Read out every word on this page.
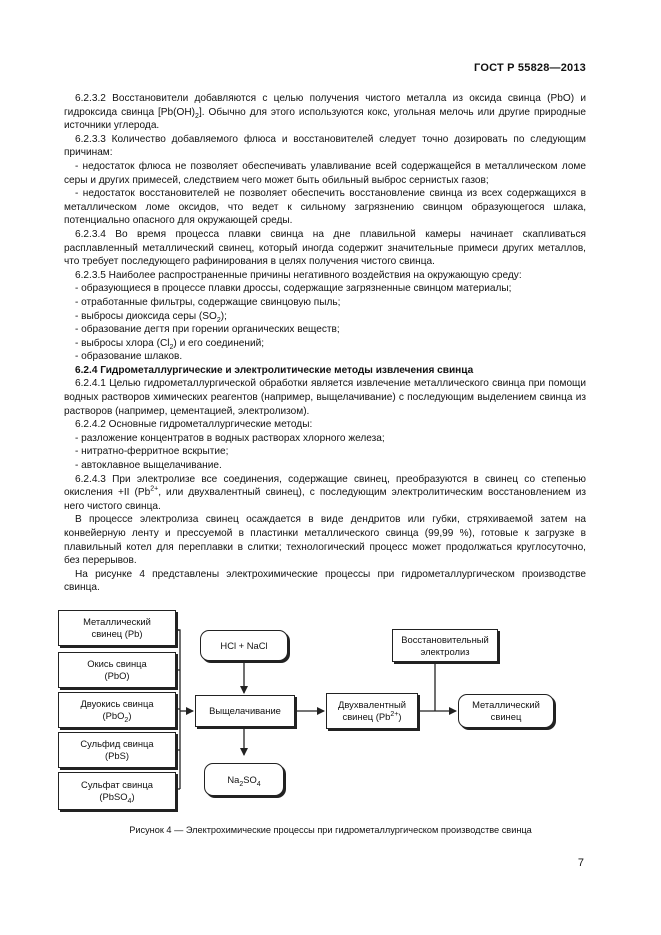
ГОСТ Р 55828—2013

6.2.3.2 Восстановители добавляются с целью получения чистого металла из оксида свинца (PbO) и гидроксида свинца $[Pb(OH)_2]$. Обычно для этого используются кокс, угольная мелочь или другие природные источники углерода.

6.2.3.3 Количество добавляемого флюса и восстановителей следует точно дозировать по следующим причинам:

- недостаток флюса не позволяет обеспечивать улавливание всей содержащейся в металлическом ломе серы и других примесей, следствием чего может быть обильный выброс сернистых газов;

- недостаток восстановителей не позволяет обеспечить восстановление свинца из всех содержащихся в металлическом ломе оксидов, что ведет к сильному загрязнению свинцом образующегося шлака, потенциально опасного для окружающей среды.

6.2.3.4 Во время процесса плавки свинца на дне плавильной камеры начинает скапливаться расплавленный металлический свинец, который иногда содержит значительные примеси других металлов, что требует последующего рафинирования в целях получения чистого свинца.

6.2.3.5 Наиболее распространенные причины негативного воздействия на окружающую среду:

- образующиеся в процессе плавки дроссы, содержащие загрязненные свинцом материалы;

- отработанные фильтры, содержащие свинцовую пыль;

- выбросы диоксида серы $(SO_2)$;

- образование дегтя при горении органических веществ;

- выбросы хлора $(Cl_2)$ и его соединений;

- образование шлаков.

6.2.4 Гидрометаллургические и электролитические методы извлечения свинца

6.2.4.1 Целью гидрометаллургической обработки является извлечение металлического свинца при помощи водных растворов химических реагентов (например, выщелачивание) с последующим выделением свинца из растворов (например, цементацией, электролизом).

6.2.4.2 Основные гидрометаллургические методы:

- разложение концентратов в водных растворах хлорного железа;

- нитратно-ферритное вскрытие;

- автоклавное выщелачивание.

6.2.4.3 При электролизе все соединения, содержащие свинец, преобразуются в свинец со степенью окисления +II ($Pb^{2+}$, или двухвалентный свинец), с последующим электролитическим восстановлением из него чистого свинца.

В процессе электролиза свинец осаждается в виде дендритов или губки, стряхиваемой затем на конвейерную ленту и прессуемой в пластинки металлического свинца (99,99 %), готовые к загрузке в плавильный котел для переплавки в слитки; технологический процесс может продолжаться круглосуточно, без перерывов.

На рисунке 4 представлены электрохимические процессы при гидрометаллургическом производстве свинца.

Металлический
свинец (Pb)
Окись свинца
(PbO)
Двуокись свинца
(PbO$_2$)
Сульфид свинца
(PbS)
Сульфат свинца
(PbSO$_4$)
HCl + NaCl
Выщелачивание
$Na_2SO_4$
Двухвалентный
свинец $(Pb^{2+})$
Восстановительный
электролиз
Металлический
свинец
Рисунок 4 — Электрохимические процессы при гидрометаллургическом производстве свинца
7
